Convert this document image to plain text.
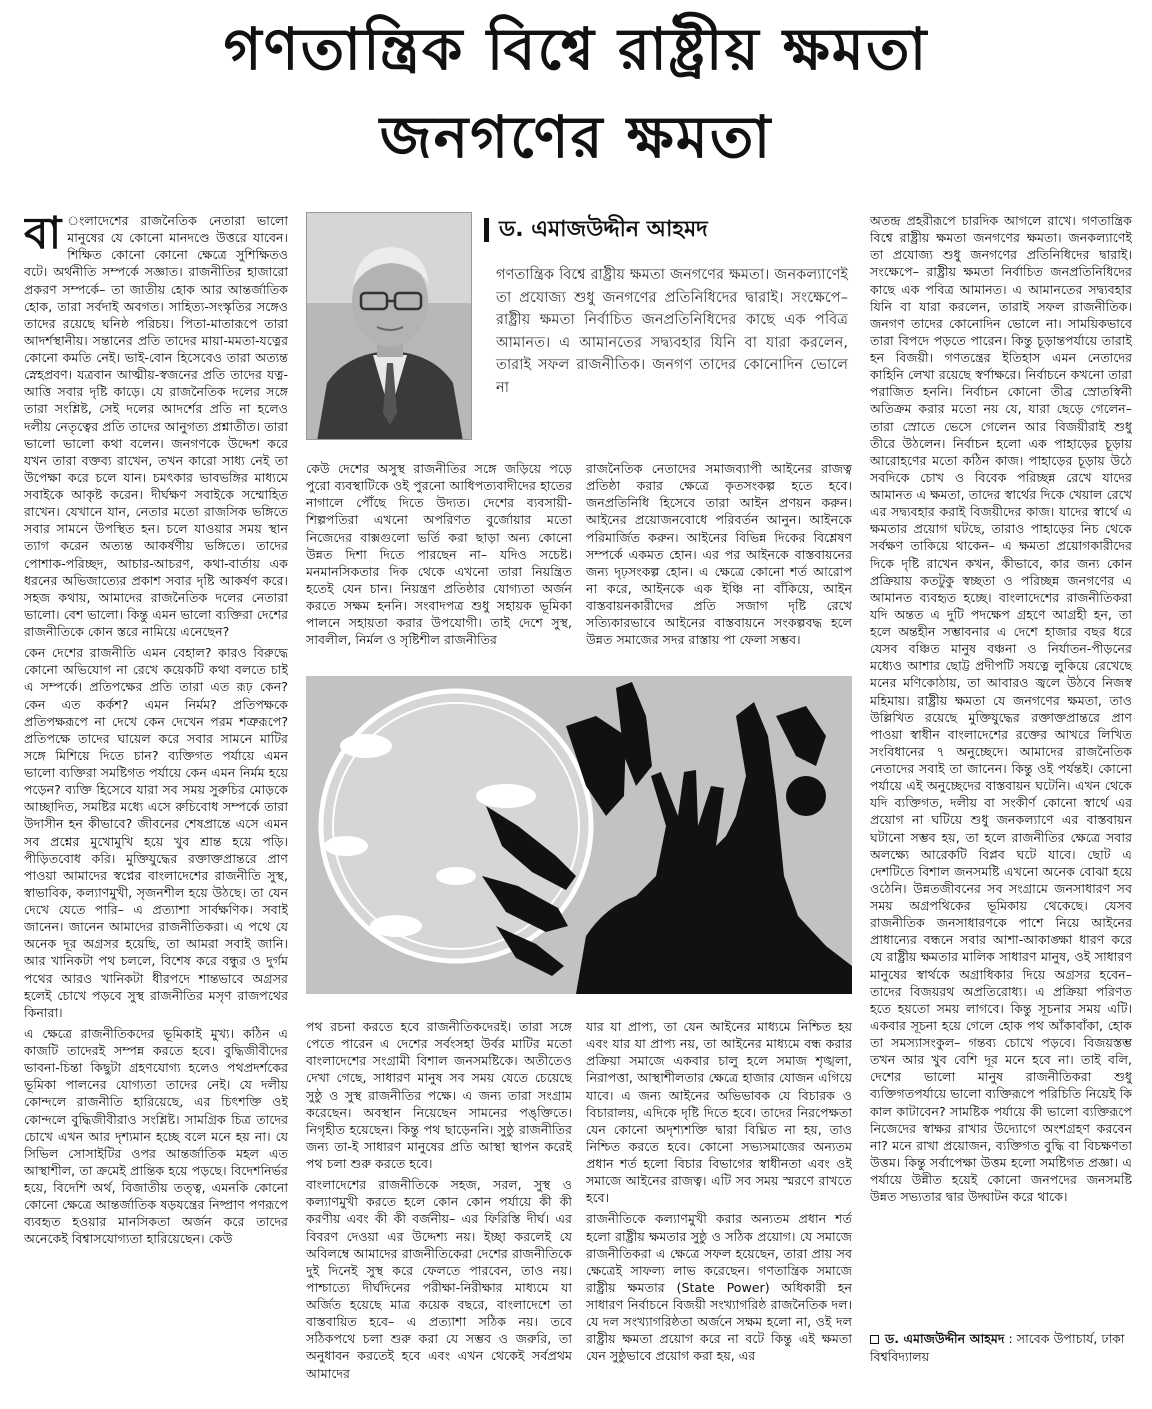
গণতান্ত্রিক বিশ্বে রাষ্ট্রীয় ক্ষমতা
জনগণের ক্ষমতা

বা ংলাদেশের রাজনৈতিক নেতারা ভালো মানুষের যে কোনো মানদণ্ডে উত্তরে যাবেন। শিক্ষিত কোনো কোনো ক্ষেত্রে সুশিক্ষিতও বটে। অর্থনীতি সম্পর্কে সজ্ঞাত। রাজনীতির হাজারো প্রকরণ সম্পর্কে– তা জাতীয় হোক আর আন্তর্জাতিক হোক, তারা সর্বদাই অবগত। সাহিত্য-সংস্কৃতির সঙ্গেও তাদের রয়েছে ঘনিষ্ঠ পরিচয়। পিতা-মাতারূপে তারা আদর্শস্থানীয়। সন্তানের প্রতি তাদের মায়া-মমতা-যত্নের কোনো কমতি নেই। ভাই-বোন হিসেবেও তারা অত্যন্ত স্নেহপ্রবণ। যত্রবান আত্মীয়-স্বজনের প্রতি তাদের যত্ন-আত্তি সবার দৃষ্টি কাড়ে। যে রাজনৈতিক দলের সঙ্গে তারা সংশ্লিষ্ট, সেই দলের আদর্শের প্রতি না হলেও দলীয় নেতৃত্বের প্রতি তাদের আনুগত্য প্রশ্নাতীত। তারা ভালো ভালো কথা বলেন। জনগণকে উদ্দেশ করে যখন তারা বক্তব্য রাখেন, তখন কারো সাধ্য নেই তা উপেক্ষা করে চলে যান। চমৎকার ভাবভঙ্গির মাধ্যমে সবাইকে আকৃষ্ট করেন। দীর্ঘক্ষণ সবাইকে সম্মোহিত রাখেন। যেখানে যান, নেতার মতো রাজসিক ভঙ্গিতে সবার সামনে উপস্থিত হন। চলে যাওয়ার সময় স্থান ত্যাগ করেন অত্যন্ত আকর্ষণীয় ভঙ্গিতে। তাদের পোশাক-পরিচ্ছদ, আচার-আচরণ, কথা-বার্তায় এক ধরনের অভিজাত্যের প্রকাশ সবার দৃষ্টি আকর্ষণ করে। সহজ কথায়, আমাদের রাজনৈতিক দলের নেতারা ভালো। বেশ ভালো। কিন্তু এমন ভালো ব্যক্তিরা দেশের রাজনীতিকে কোন স্তরে নামিয়ে এনেছেন?

কেন দেশের রাজনীতি এমন বেহাল? কারও বিরুদ্ধে কোনো অভিযোগ না রেখে কয়েকটি কথা বলতে চাই এ সম্পর্কে। প্রতিপক্ষের প্রতি তারা এত রূঢ় কেন? কেন এত কর্কশ? এমন নির্মম? প্রতিপক্ষকে প্রতিপক্ষরূপে না দেখে কেন দেখেন পরম শত্রুরূপে? প্রতিপক্ষে তাদের ঘায়েল করে সবার সামনে মাটির সঙ্গে মিশিয়ে দিতে চান? ব্যক্তিগত পর্যায়ে এমন ভালো ব্যক্তিরা সমষ্টিগত পর্যায়ে কেন এমন নির্মম হয়ে পড়েন? ব্যক্তি হিসেবে যারা সব সময় সুরুচির মোড়কে আচ্ছাদিত, সমষ্টির মধ্যে এসে রুচিবোধ সম্পর্কে তারা উদাসীন হন কীভাবে? জীবনের শেষপ্রান্তে এসে এমন সব প্রশ্নের মুখোমুখি হয়ে খুব শ্রান্ত হয়ে পড়ি। পীড়িতবোধ করি। মুক্তিযুদ্ধের রক্তাক্তপ্রান্তরে প্রাণ পাওয়া আমাদের স্বপ্নের বাংলাদেশের রাজনীতি সুস্থ, স্বাভাবিক, কল্যাণমুখী, সৃজনশীল হয়ে উঠছে। তা যেন দেখে যেতে পারি– এ প্রত্যাশা সার্বক্ষণিক। সবাই জানেন। জানেন আমাদের রাজনীতিকরা। এ পথে যে অনেক দূর অগ্রসর হয়েছি, তা আমরা সবাই জানি। আর খানিকটা পথ চললে, বিশেষ করে বন্ধুর ও দুর্গম পথের আরও খানিকটা ধীরপদে শান্তভাবে অগ্রসর হলেই চোখে পড়বে সুস্থ রাজনীতির মসৃণ রাজপথের কিনারা।

এ ক্ষেত্রে রাজনীতিকদের ভূমিকাই মুখ্য। কঠিন এ কাজটি তাদেরই সম্পন্ন করতে হবে। বুদ্ধিজীবীদের ভাবনা-চিন্তা কিছুটা গ্রহণযোগ্য হলেও পথপ্রদর্শকের ভূমিকা পালনের যোগ্যতা তাদের নেই। যে দলীয় কোন্দলে রাজনীতি হারিয়েছে, এর চিৎশক্তি ওই কোন্দলে বুদ্ধিজীবীরাও সংশ্লিষ্ট। সামগ্রিক চিত্র তাদের চোখে এখন আর দৃশ্যমান হচ্ছে বলে মনে হয় না। যে সিভিল সোসাইটির ওপর আন্তর্জাতিক মহল এত আস্থাশীল, তা ক্রমেই প্রান্তিক হয়ে পড়ছে। বিদেশনির্ভর হয়ে, বিদেশি অর্থ, বিজাতীয় তত্ত্ব, এমনকি কোনো কোনো ক্ষেত্রে আন্তর্জাতিক ষড়যন্ত্রের নিষ্প্রাণ পণরূপে ব্যবহৃত হওয়ার মানসিকতা অর্জন করে তাদের অনেকেই বিশ্বাসযোগ্যতা হারিয়েছেন। কেউ

ড. এমাজউদ্দীন আহমদ
গণতান্ত্রিক বিশ্বে রাষ্ট্রীয় ক্ষমতা জনগণের ক্ষমতা। জনকল্যাণেই তা প্রযোজ্য শুধু জনগণের প্রতিনিধিদের দ্বারাই। সংক্ষেপে– রাষ্ট্রীয় ক্ষমতা নির্বাচিত জনপ্রতিনিধিদের কাছে এক পবিত্র আমানত। এ আমানতের সদ্ব্যবহার যিনি বা যারা করলেন, তারাই সফল রাজনীতিক। জনগণ তাদের কোনোদিন ভোলে না

কেউ দেশের অসুস্থ রাজনীতির সঙ্গে জড়িয়ে পড়ে পুরো ব্যবস্থাটিকে ওই পুরনো আধিপত্যবাদীদের হাতের নাগালে পৌঁছে দিতে উদ্যত। দেশের ব্যবসায়ী-শিল্পপতিরা এখনো অপরিণত বুর্জোয়ার মতো নিজেদের বাক্সগুলো ভর্তি করা ছাড়া অন্য কোনো উন্নত দিশা দিতে পারছেন না– যদিও সচেষ্ট। মনমানসিকতার দিক থেকে এখনো তারা নিয়ন্ত্রিত হতেই যেন চান। নিয়ন্ত্রণ প্রতিষ্ঠার যোগ্যতা অর্জন করতে সক্ষম হননি। সংবাদপত্র শুধু সহায়ক ভূমিকা পালনে সহায়তা করার উপযোগী। তাই দেশে সুস্থ, সাবলীল, নির্মল ও সৃষ্টিশীল রাজনীতির

রাজনৈতিক নেতাদের সমাজব্যাপী আইনের রাজত্ব প্রতিষ্ঠা করার ক্ষেত্রে কৃতসংকল্প হতে হবে। জনপ্রতিনিধি হিসেবে তারা আইন প্রণয়ন করুন। আইনের প্রয়োজনবোধে পরিবর্তন আনুন। আইনকে পরিমার্জিত করুন। আইনের বিভিন্ন দিকের বিশ্লেষণ সম্পর্কে একমত হোন। এর পর আইনকে বাস্তবায়নের জন্য দৃঢ়সংকল্প হোন। এ ক্ষেত্রে কোনো শর্ত আরোপ না করে, আইনকে এক ইঞ্চি না বাঁকিয়ে, আইন বাস্তবায়নকারীদের প্রতি সজাগ দৃষ্টি রেখে সত্যিকারভাবে আইনের বাস্তবায়নে সংকল্পবদ্ধ হলে উন্নত সমাজের সদর রাস্তায় পা ফেলা সম্ভব।

পথ রচনা করতে হবে রাজনীতিকদেরই। তারা সঙ্গে পেতে পারেন এ দেশের সর্বংসহা উর্বর মাটির মতো বাংলাদেশের সংগ্রামী বিশাল জনসমষ্টিকে। অতীতেও দেখা গেছে, সাধারণ মানুষ সব সময় যেতে চেয়েছে সুষ্ঠু ও সুস্থ রাজনীতির পক্ষে। এ জন্য তারা সংগ্রাম করেছেন। অবস্থান নিয়েছেন সামনের পঙ্‌ক্তিতে। নিগৃহীত হয়েছেন। কিন্তু পথ ছাড়েননি। সুষ্ঠু রাজনীতির জন্য তা-ই সাধারণ মানুষের প্রতি আস্থা স্থাপন করেই পথ চলা শুরু করতে হবে।

বাংলাদেশের রাজনীতিকে সহজ, সরল, সুস্থ ও কল্যাণমুখী করতে হলে কোন কোন পর্যায়ে কী কী করণীয় এবং কী কী বর্জনীয়– এর ফিরিস্তি দীর্ঘ। এর বিবরণ দেওয়া এর উদ্দেশ্য নয়। ইচ্ছা করলেই যে অবিলম্বে আমাদের রাজনীতিকেরা দেশের রাজনীতিকে দুই দিনেই সুস্থ করে ফেলতে পারবেন, তাও নয়। পাশ্চাত্যে দীর্ঘদিনের পরীক্ষা-নিরীক্ষার মাধ্যমে যা অর্জিত হয়েছে মাত্র কয়েক বছরে, বাংলাদেশে তা বাস্তবায়িত হবে– এ প্রত্যাশা সঠিক নয়। তবে সঠিকপথে চলা শুরু করা যে সম্ভব ও জরুরি, তা অনুধাবন করতেই হবে এবং এখন থেকেই সর্বপ্রথম আমাদের

যার যা প্রাপ্য, তা যেন আইনের মাধ্যমে নিশ্চিত হয় এবং যার যা প্রাপ্য নয়, তা আইনের মাধ্যমে বন্ধ করার প্রক্রিয়া সমাজে একবার চালু হলে সমাজ শৃঙ্খলা, নিরাপত্তা, আস্থাশীলতার ক্ষেত্রে হাজার যোজন এগিয়ে যাবে। এ জন্য আইনের অভিভাবক যে বিচারক ও বিচারালয়, এদিকে দৃষ্টি দিতে হবে। তাদের নিরপেক্ষতা যেন কোনো অদৃশ্যশক্তি দ্বারা বিঘ্নিত না হয়, তাও নিশ্চিত করতে হবে। কোনো সভ্যসমাজের অন্যতম প্রধান শর্ত হলো বিচার বিভাগের স্বাধীনতা এবং ওই সমাজে আইনের রাজত্ব। এটি সব সময় স্মরণে রাখতে হবে।

রাজনীতিকে কল্যাণমুখী করার অন্যতম প্রধান শর্ত হলো রাষ্ট্রীয় ক্ষমতার সুষ্ঠু ও সঠিক প্রয়োগ। যে সমাজে রাজনীতিকরা এ ক্ষেত্রে সফল হয়েছেন, তারা প্রায় সব ক্ষেত্রেই সাফল্য লাভ করেছেন। গণতান্ত্রিক সমাজে রাষ্ট্রীয় ক্ষমতার (State Power) অধিকারী হন সাধারণ নির্বাচনে বিজয়ী সংখ্যাগরিষ্ঠ রাজনৈতিক দল। যে দল সংখ্যাগরিষ্ঠতা অর্জনে সক্ষম হলো না, ওই দল রাষ্ট্রীয় ক্ষমতা প্রয়োগ করে না বটে কিন্তু এই ক্ষমতা যেন সুষ্ঠুভাবে প্রয়োগ করা হয়, এর

অতন্দ্র প্রহরীরূপে চারদিক আগলে রাখে। গণতান্ত্রিক বিশ্বে রাষ্ট্রীয় ক্ষমতা জনগণের ক্ষমতা। জনকল্যাণেই তা প্রযোজ্য শুধু জনগণের প্রতিনিধিদের দ্বারাই। সংক্ষেপে– রাষ্ট্রীয় ক্ষমতা নির্বাচিত জনপ্রতিনিধিদের কাছে এক পবিত্র আমানত। এ আমানতের সদ্ব্যবহার যিনি বা যারা করলেন, তারাই সফল রাজনীতিক। জনগণ তাদের কোনোদিন ভোলে না। সাময়িকভাবে তারা বিপদে পড়তে পারেন। কিন্তু চূড়ান্তপর্যায়ে তারাই হন বিজয়ী। গণতন্ত্রের ইতিহাস এমন নেতাদের কাহিনি লেখা রয়েছে স্বর্ণাক্ষরে। নির্বাচনে কখনো তারা পরাজিত হননি। নির্বাচন কোনো তীব্র স্রোতস্বিনী অতিক্রম করার মতো নয় যে, যারা ছেড়ে গেলেন– তারা স্রোতে ভেসে গেলেন আর বিজয়ীরাই শুধু তীরে উঠলেন। নির্বাচন হলো এক পাহাড়ের চূড়ায় আরোহণের মতো কঠিন কাজ। পাহাড়ের চূড়ায় উঠে সবদিকে চোখ ও বিবেক পরিচ্ছন্ন রেখে যাদের আমানত এ ক্ষমতা, তাদের স্বার্থের দিকে খেয়াল রেখে এর সদ্ব্যবহার করাই বিজয়ীদের কাজ। যাদের স্বার্থে এ ক্ষমতার প্রয়োগ ঘটছে, তারাও পাহাড়ের নিচ থেকে সর্বক্ষণ তাকিয়ে থাকেন– এ ক্ষমতা প্রয়োগকারীদের দিকে দৃষ্টি রাখেন কখন, কীভাবে, কার জন্য কোন প্রক্রিয়ায় কতটুকু স্বচ্ছতা ও পরিচ্ছন্ন জনগণের এ আমানত ব্যবহৃত হচ্ছে। বাংলাদেশের রাজনীতিকরা যদি অন্তত এ দুটি পদক্ষেপ গ্রহণে আগ্রহী হন, তা হলে অন্তহীন সম্ভাবনার এ দেশে হাজার বছর ধরে যেসব বঞ্চিত মানুষ বঞ্চনা ও নির্যাতন-পীড়নের মধ্যেও আশার ছোট্ট প্রদীপটি সযত্নে লুকিয়ে রেখেছে মনের মণিকোঠায়, তা আবারও জ্বলে উঠবে নিজস্ব মহিমায়। রাষ্ট্রীয় ক্ষমতা যে জনগণের ক্ষমতা, তাও উল্লিখিত রয়েছে মুক্তিযুদ্ধের রক্তাক্তপ্রান্তরে প্রাণ পাওয়া স্বাধীন বাংলাদেশের রক্তের আখরে লিখিত সংবিধানের ৭ অনুচ্ছেদে। আমাদের রাজনৈতিক নেতাদের সবাই তা জানেন। কিন্তু ওই পর্যন্তই। কোনো পর্যায়ে এই অনুচ্ছেদের বাস্তবায়ন ঘটেনি। এখন থেকে যদি ব্যক্তিগত, দলীয় বা সংকীর্ণ কোনো স্বার্থে এর প্রয়োগ না ঘটিয়ে শুধু জনকল্যাণে এর বাস্তবায়ন ঘটানো সম্ভব হয়, তা হলে রাজনীতির ক্ষেত্রে সবার অলক্ষ্যে আরেকটি বিপ্লব ঘটে যাবে। ছোট এ দেশটিতে বিশাল জনসমষ্টি এখনো অনেক বোঝা হয়ে ওঠেনি। উন্নতজীবনের সব সংগ্রামে জনসাধারণ সব সময় অগ্রপথিকের ভূমিকায় থেকেছে। যেসব রাজনীতিক জনসাধারণকে পাশে নিয়ে আইনের প্রাধান্যের বন্ধনে সবার আশা-আকাঙ্ক্ষা ধারণ করে যে রাষ্ট্রীয় ক্ষমতার মালিক সাধারণ মানুষ, ওই সাধারণ মানুষের স্বার্থকে অগ্রাধিকার দিয়ে অগ্রসর হবেন– তাদের বিজয়রথ অপ্রতিরোধ্য। এ প্রক্রিয়া পরিণত হতে হয়তো সময় লাগবে। কিন্তু সূচনার সময় এটি। একবার সূচনা হয়ে গেলে হোক পথ আঁকাবাঁকা, হোক তা সমস্যাসংকুল– গন্তব্য চোখে পড়বে। বিজয়স্তম্ভ তখন আর খুব বেশি দূর মনে হবে না। তাই বলি, দেশের ভালো মানুষ রাজনীতিকরা শুধু ব্যক্তিগতপর্যায়ে ভালো ব্যক্তিরূপে পরিচিতি নিয়েই কি কাল কাটাবেন? সামষ্টিক পর্যায়ে কী ভালো ব্যক্তিরূপে নিজেদের স্বাক্ষর রাখার উদ্যোগে অংশগ্রহণ করবেন না? মনে রাখা প্রয়োজন, ব্যক্তিগত বুদ্ধি বা বিচক্ষণতা উত্তম। কিন্তু সর্বাপেক্ষা উত্তম হলো সমষ্টিগত প্রজ্ঞা। এ পর্যায়ে উন্নীত হয়েই কোনো জনপদের জনসমষ্টি উন্নত সভ্যতার দ্বার উদ্ঘাটন করে থাকে।

ড. এমাজউদ্দীন আহমদ : সাবেক উপাচার্য, ঢাকা বিশ্ববিদ্যালয়
